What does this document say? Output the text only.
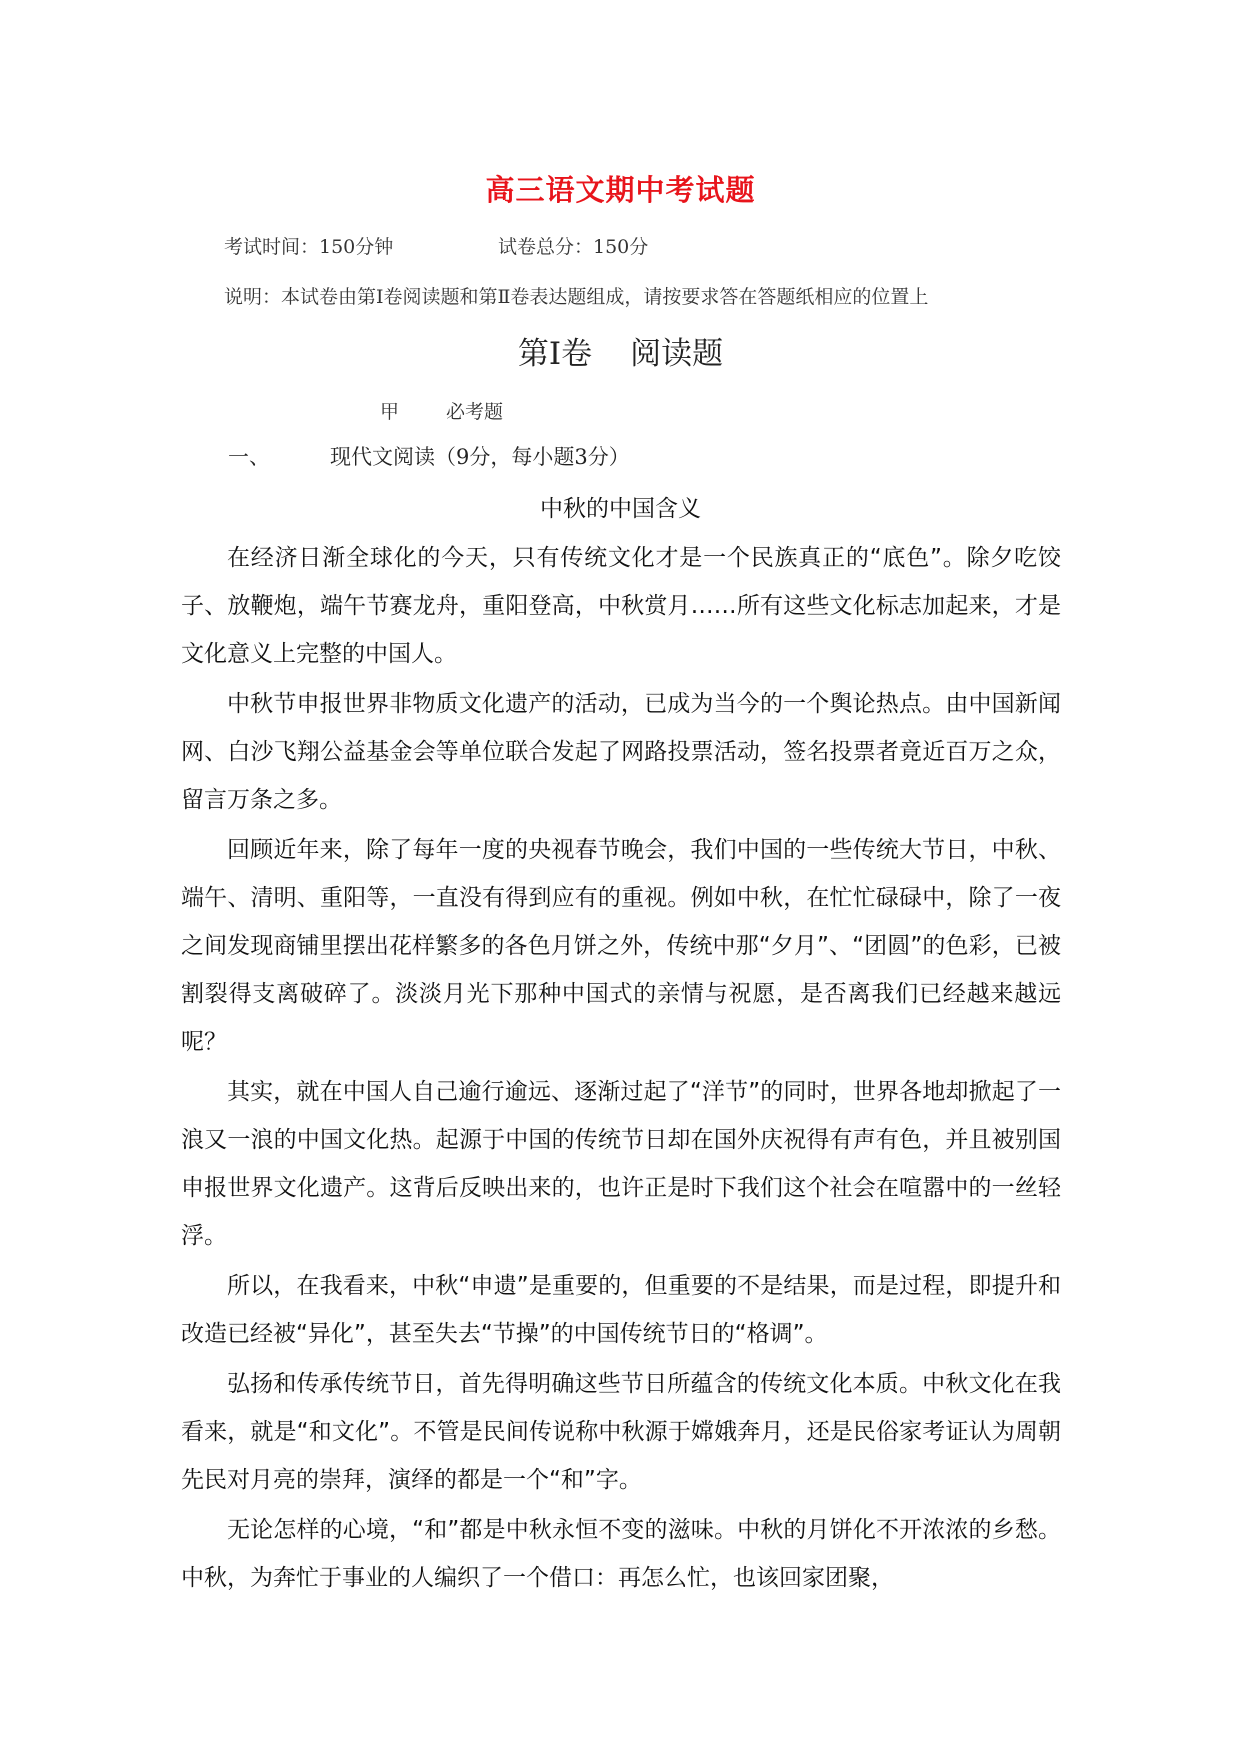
高三语文期中考试题
考试时间：150分钟	试卷总分：150分
说明：本试卷由第Ⅰ卷阅读题和第Ⅱ卷表达题组成，请按要求答在答题纸相应的位置上
第Ⅰ卷 阅读题
甲 必考题
一、	现代文阅读（9分，每小题3分）
中秋的中国含义

在经济日渐全球化的今天，只有传统文化才是一个民族真正的“底色”。除夕吃饺子、放鞭炮，端午节赛龙舟，重阳登高，中秋赏月……所有这些文化标志加起来，才是文化意义上完整的中国人。

中秋节申报世界非物质文化遗产的活动，已成为当今的一个舆论热点。由中国新闻网、白沙飞翔公益基金会等单位联合发起了网路投票活动，签名投票者竟近百万之众，留言万条之多。

回顾近年来，除了每年一度的央视春节晚会，我们中国的一些传统大节日，中秋、端午、清明、重阳等，一直没有得到应有的重视。例如中秋，在忙忙碌碌中，除了一夜之间发现商铺里摆出花样繁多的各色月饼之外，传统中那“夕月”、“团圆”的色彩，已被割裂得支离破碎了。淡淡月光下那种中国式的亲情与祝愿，是否离我们已经越来越远呢？

其实，就在中国人自己逾行逾远、逐渐过起了“洋节”的同时，世界各地却掀起了一浪又一浪的中国文化热。起源于中国的传统节日却在国外庆祝得有声有色，并且被别国申报世界文化遗产。这背后反映出来的，也许正是时下我们这个社会在喧嚣中的一丝轻浮。

所以，在我看来，中秋“申遗”是重要的，但重要的不是结果，而是过程，即提升和改造已经被“异化”，甚至失去“节操”的中国传统节日的“格调”。

弘扬和传承传统节日，首先得明确这些节日所蕴含的传统文化本质。中秋文化在我看来，就是“和文化”。不管是民间传说称中秋源于嫦娥奔月，还是民俗家考证认为周朝先民对月亮的崇拜，演绎的都是一个“和”字。

无论怎样的心境，“和”都是中秋永恒不变的滋味。中秋的月饼化不开浓浓的乡愁。中秋，为奔忙于事业的人编织了一个借口：再怎么忙，也该回家团聚，
